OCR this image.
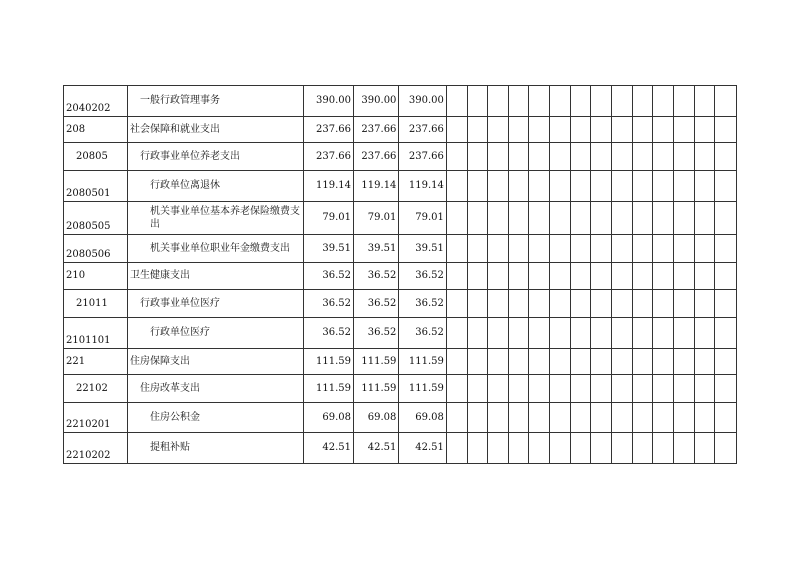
2040202	一般行政管理事务	390.00	390.00	390.00														
208	社会保障和就业支出	237.66	237.66	237.66														
20805	行政事业单位养老支出	237.66	237.66	237.66														
2080501	行政单位离退休	119.14	119.14	119.14														
2080505	机关事业单位基本养老保险缴费支出	79.01	79.01	79.01														
2080506	机关事业单位职业年金缴费支出	39.51	39.51	39.51														
210	卫生健康支出	36.52	36.52	36.52														
21011	行政事业单位医疗	36.52	36.52	36.52														
2101101	行政单位医疗	36.52	36.52	36.52														
221	住房保障支出	111.59	111.59	111.59														
22102	住房改革支出	111.59	111.59	111.59														
2210201	住房公积金	69.08	69.08	69.08														
2210202	提租补贴	42.51	42.51	42.51														
